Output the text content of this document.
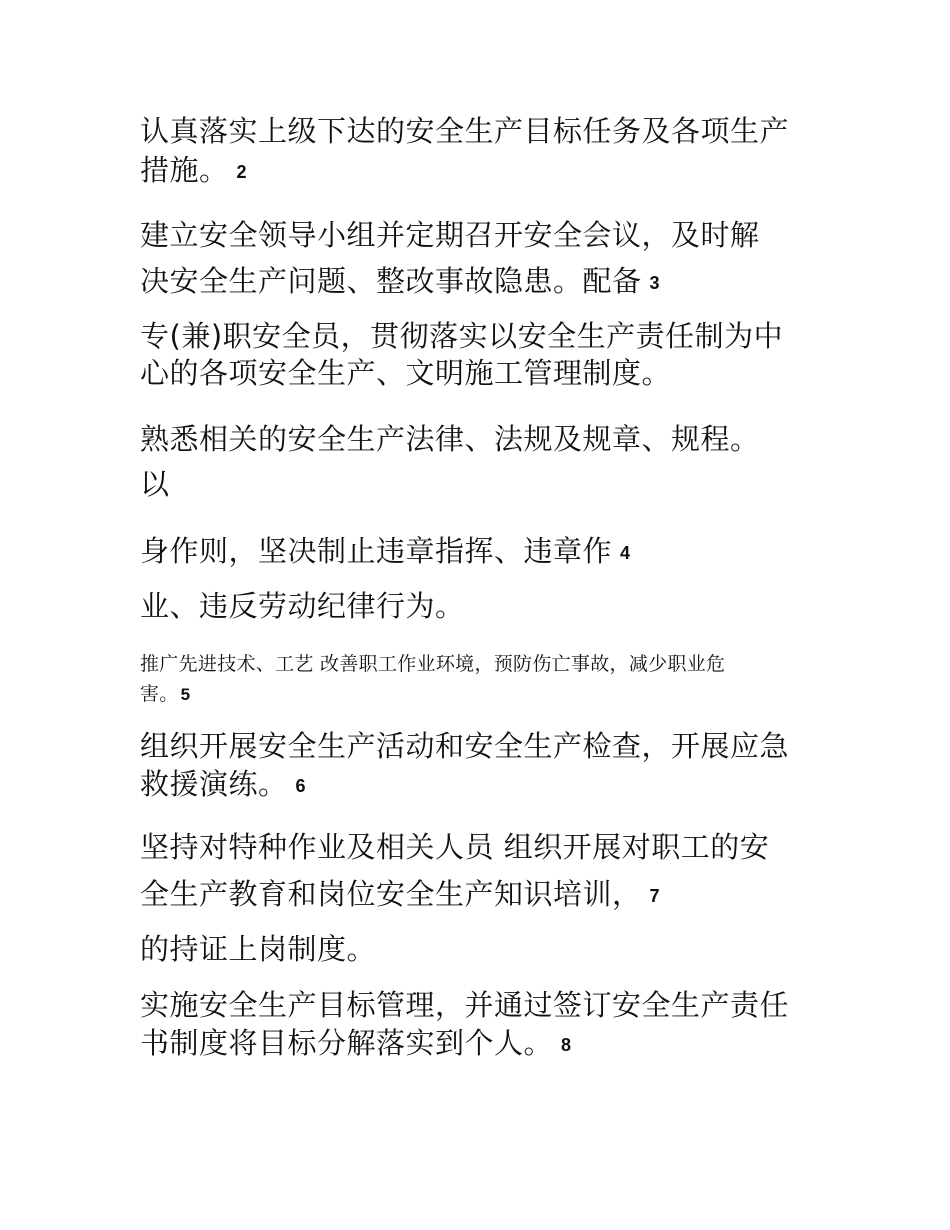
认真落实上级下达的安全生产目标任务及各项生产
措施。 2
建立安全领导小组并定期召开安全会议，及时解
决安全生产问题、整改事故隐患。配备 3
专(兼)职安全员，贯彻落实以安全生产责任制为中
心的各项安全生产、文明施工管理制度。
熟悉相关的安全生产法律、法规及规章、规程。
以
身作则，坚决制止违章指挥、违章作 4
业、违反劳动纪律行为。
推广先进技术、工艺 改善职工作业环境，预防伤亡事故，减少职业危
害。 5
组织开展安全生产活动和安全生产检查，开展应急
救援演练。 6
坚持对特种作业及相关人员 组织开展对职工的安
全生产教育和岗位安全生产知识培训， 7
的持证上岗制度。
实施安全生产目标管理，并通过签订安全生产责任
书制度将目标分解落实到个人。 8
